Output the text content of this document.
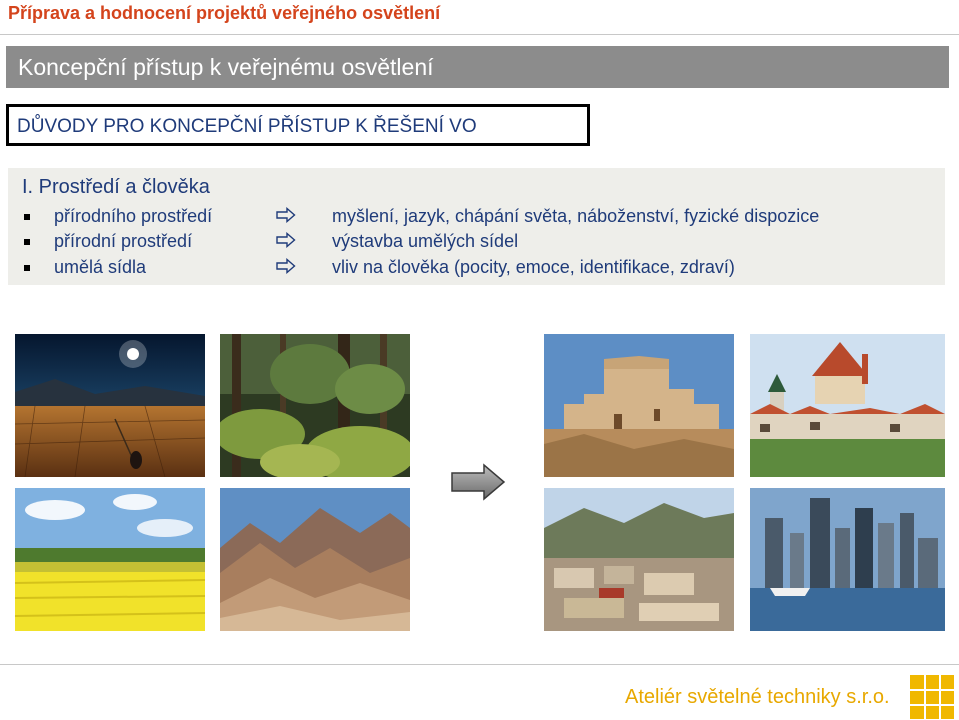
Příprava a hodnocení projektů veřejného osvětlení
Koncepční přístup k veřejnému osvětlení
DŮVODY PRO KONCEPČNÍ PŘÍSTUP K ŘEŠENÍ VO
I. Prostředí a člověka
přírodního prostředí	myšlení, jazyk, chápání světa, náboženství, fyzické dispozice
přírodní prostředí	výstavba umělých sídel
umělá sídla	vliv na člověka (pocity, emoce, identifikace, zdraví)
Ateliér světelné techniky s.r.o.
